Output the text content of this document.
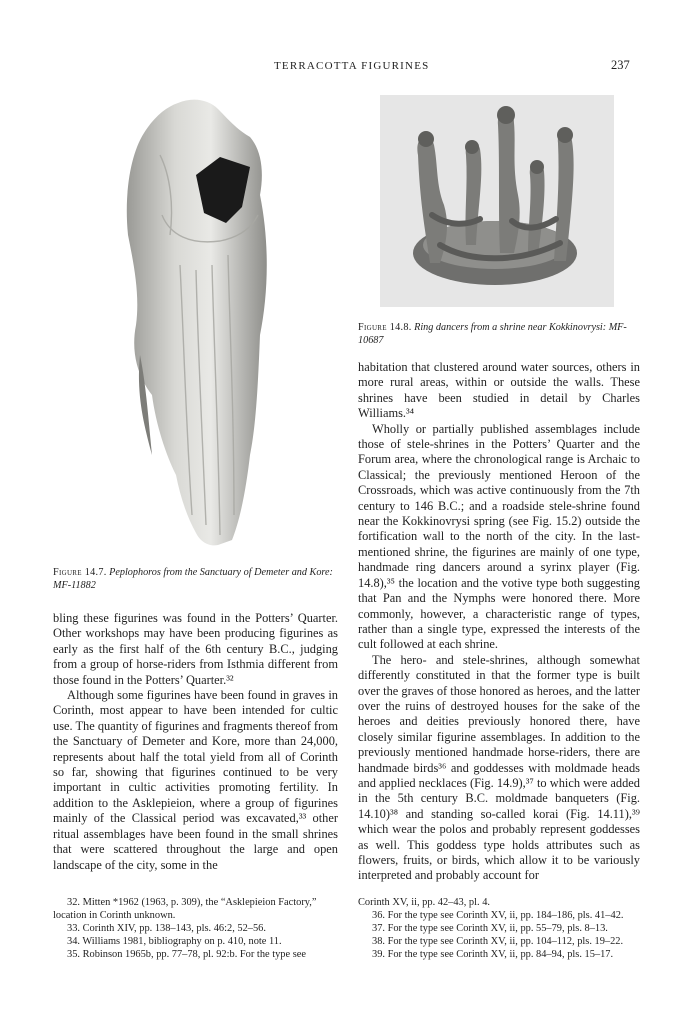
TERRACOTTA FIGURINES	237
Figure 14.7. Peplophoros from the Sanctuary of Demeter and Kore: MF-11882
Figure 14.8. Ring dancers from a shrine near Kokkinovrysi: MF-10687

bling these figurines was found in the Potters’ Quarter. Other workshops may have been producing figurines as early as the first half of the 6th century B.C., judging from a group of horse-riders from Isthmia different from those found in the Potters’ Quarter.³²

Although some figurines have been found in graves in Corinth, most appear to have been intended for cultic use. The quantity of figurines and fragments thereof from the Sanctuary of Demeter and Kore, more than 24,000, represents about half the total yield from all of Corinth so far, showing that figurines continued to be very important in cultic activities promoting fertility. In addition to the Asklepieion, where a group of figurines mainly of the Classical period was excavated,³³ other ritual assemblages have been found in the small shrines that were scattered throughout the large and open landscape of the city, some in the

habitation that clustered around water sources, others in more rural areas, within or outside the walls. These shrines have been studied in detail by Charles Williams.³⁴

Wholly or partially published assemblages include those of stele-shrines in the Potters’ Quarter and the Forum area, where the chronological range is Archaic to Classical; the previously mentioned Heroon of the Crossroads, which was active continuously from the 7th century to 146 B.C.; and a roadside stele-shrine found near the Kokkinovrysi spring (see Fig. 15.2) outside the fortification wall to the north of the city. In the last-mentioned shrine, the figurines are mainly of one type, handmade ring dancers around a syrinx player (Fig. 14.8),³⁵ the location and the votive type both suggesting that Pan and the Nymphs were honored there. More commonly, however, a characteristic range of types, rather than a single type, expressed the interests of the cult followed at each shrine.

The hero- and stele-shrines, although somewhat differently constituted in that the former type is built over the graves of those honored as heroes, and the latter over the ruins of destroyed houses for the sake of the heroes and deities previously honored there, have closely similar figurine assemblages. In addition to the previously mentioned handmade horse-riders, there are handmade birds³⁶ and goddesses with moldmade heads and applied necklaces (Fig. 14.9),³⁷ to which were added in the 5th century B.C. moldmade banqueters (Fig. 14.10)³⁸ and standing so-called korai (Fig. 14.11),³⁹ which wear the polos and probably represent goddesses as well. This goddess type holds attributes such as flowers, fruits, or birds, which allow it to be variously interpreted and probably account for

32. Mitten *1962 (1963, p. 309), the “Asklepieion Factory,” location in Corinth unknown.
33. Corinth XIV, pp. 138–143, pls. 46:2, 52–56.
34. Williams 1981, bibliography on p. 410, note 11.
35. Robinson 1965b, pp. 77–78, pl. 92:b. For the type see
Corinth XV, ii, pp. 42–43, pl. 4.
36. For the type see Corinth XV, ii, pp. 184–186, pls. 41–42.
37. For the type see Corinth XV, ii, pp. 55–79, pls. 8–13.
38. For the type see Corinth XV, ii, pp. 104–112, pls. 19–22.
39. For the type see Corinth XV, ii, pp. 84–94, pls. 15–17.
